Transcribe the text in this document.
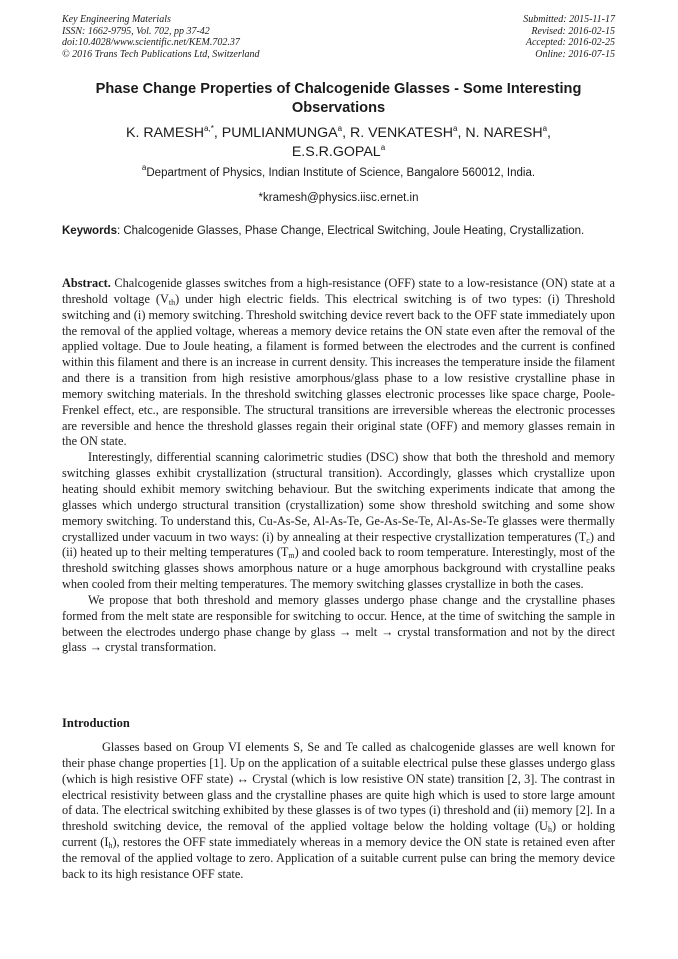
Key Engineering Materials
ISSN: 1662-9795, Vol. 702, pp 37-42
doi:10.4028/www.scientific.net/KEM.702.37
© 2016 Trans Tech Publications Ltd, Switzerland
Submitted: 2015-11-17
Revised: 2016-02-15
Accepted: 2016-02-25
Online: 2016-07-15
Phase Change Properties of Chalcogenide Glasses - Some Interesting Observations
K. $RAMESH^{a,*}$, PUMLIANMUNGA$^a$, R. VENKATESH$^a$, N. NARESH$^a$,
E.S.R.GOPAL$^a$
$^a$Department of Physics, Indian Institute of Science, Bangalore 560012, India.
*kramesh@physics.iisc.ernet.in
Keywords: Chalcogenide Glasses, Phase Change, Electrical Switching, Joule Heating, Crystallization.

Abstract. Chalcogenide glasses switches from a high-resistance (OFF) state to a low-resistance (ON) state at a threshold voltage $(V_{th})$ under high electric fields. This electrical switching is of two types: (i) Threshold switching and (i) memory switching. Threshold switching device revert back to the OFF state immediately upon the removal of the applied voltage, whereas a memory device retains the ON state even after the removal of the applied voltage. Due to Joule heating, a filament is formed between the electrodes and the current is confined within this filament and there is an increase in current density. This increases the temperature inside the filament and there is a transition from high resistive amorphous/glass phase to a low resistive crystalline phase in memory switching materials. In the threshold switching glasses electronic processes like space charge, Poole-Frenkel effect, etc., are responsible. The structural transitions are irreversible whereas the electronic processes are reversible and hence the threshold glasses regain their original state (OFF) and memory glasses remain in the ON state.

Interestingly, differential scanning calorimetric studies (DSC) show that both the threshold and memory switching glasses exhibit crystallization (structural transition). Accordingly, glasses which crystallize upon heating should exhibit memory switching behaviour. But the switching experiments indicate that among the glasses which undergo structural transition (crystallization) some show threshold switching and some show memory switching. To understand this, Cu-As-Se, Al-As-Te, Ge-As-Se-Te, Al-As-Se-Te glasses were thermally crystallized under vacuum in two ways: (i) by annealing at their respective crystallization temperatures $(T_c)$ and (ii) heated up to their melting temperatures $(T_m)$ and cooled back to room temperature. Interestingly, most of the threshold switching glasses shows amorphous nature or a huge amorphous background with crystalline peaks when cooled from their melting temperatures. The memory switching glasses crystallize in both the cases.

We propose that both threshold and memory glasses undergo phase change and the crystalline phases formed from the melt state are responsible for switching to occur. Hence, at the time of switching the sample in between the electrodes undergo phase change by glass → melt → crystal transformation and not by the direct glass → crystal transformation.

Introduction

Glasses based on Group VI elements S, Se and Te called as chalcogenide glasses are well known for their phase change properties [1]. Up on the application of a suitable electrical pulse these glasses undergo glass (which is high resistive OFF state) ↔ Crystal (which is low resistive ON state) transition [2, 3]. The contrast in electrical resistivity between glass and the crystalline phases are quite high which is used to store large amount of data. The electrical switching exhibited by these glasses is of two types (i) threshold and (ii) memory [2]. In a threshold switching device, the removal of the applied voltage below the holding voltage $(U_h)$ or holding current $(I_h)$, restores the OFF state immediately whereas in a memory device the ON state is retained even after the removal of the applied voltage to zero. Application of a suitable current pulse can bring the memory device back to its high resistance OFF state.
